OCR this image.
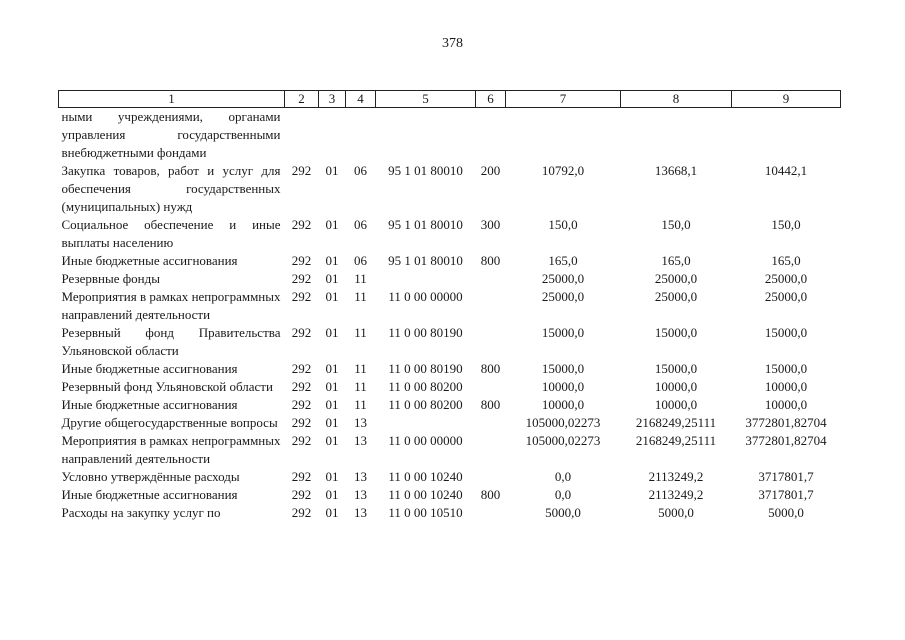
378
1	2	3	4	5	6	7	8	9
ными учреждениями, органами управления государственными внебюджетными фондами								
Закупка товаров, работ и услуг для обеспечения государственных (муниципальных) нужд	292	01	06	95 1 01 80010	200	10792,0	13668,1	10442,1
Социальное обеспечение и иные выплаты населению	292	01	06	95 1 01 80010	300	150,0	150,0	150,0
Иные бюджетные ассигнования	292	01	06	95 1 01 80010	800	165,0	165,0	165,0
Резервные фонды	292	01	11			25000,0	25000,0	25000,0
Мероприятия в рамках непрограммных направлений деятельности	292	01	11	11 0 00 00000		25000,0	25000,0	25000,0
Резервный фонд Правительства Ульяновской области	292	01	11	11 0 00 80190		15000,0	15000,0	15000,0
Иные бюджетные ассигнования	292	01	11	11 0 00 80190	800	15000,0	15000,0	15000,0
Резервный фонд Ульяновской области	292	01	11	11 0 00 80200		10000,0	10000,0	10000,0
Иные бюджетные ассигнования	292	01	11	11 0 00 80200	800	10000,0	10000,0	10000,0
Другие общегосударственные вопросы	292	01	13			105000,02273	2168249,25111	3772801,82704
Мероприятия в рамках непрограммных направлений деятельности	292	01	13	11 0 00 00000		105000,02273	2168249,25111	3772801,82704
Условно утверждённые расходы	292	01	13	11 0 00 10240		0,0	2113249,2	3717801,7
Иные бюджетные ассигнования	292	01	13	11 0 00 10240	800	0,0	2113249,2	3717801,7
Расходы на закупку услуг по	292	01	13	11 0 00 10510		5000,0	5000,0	5000,0
